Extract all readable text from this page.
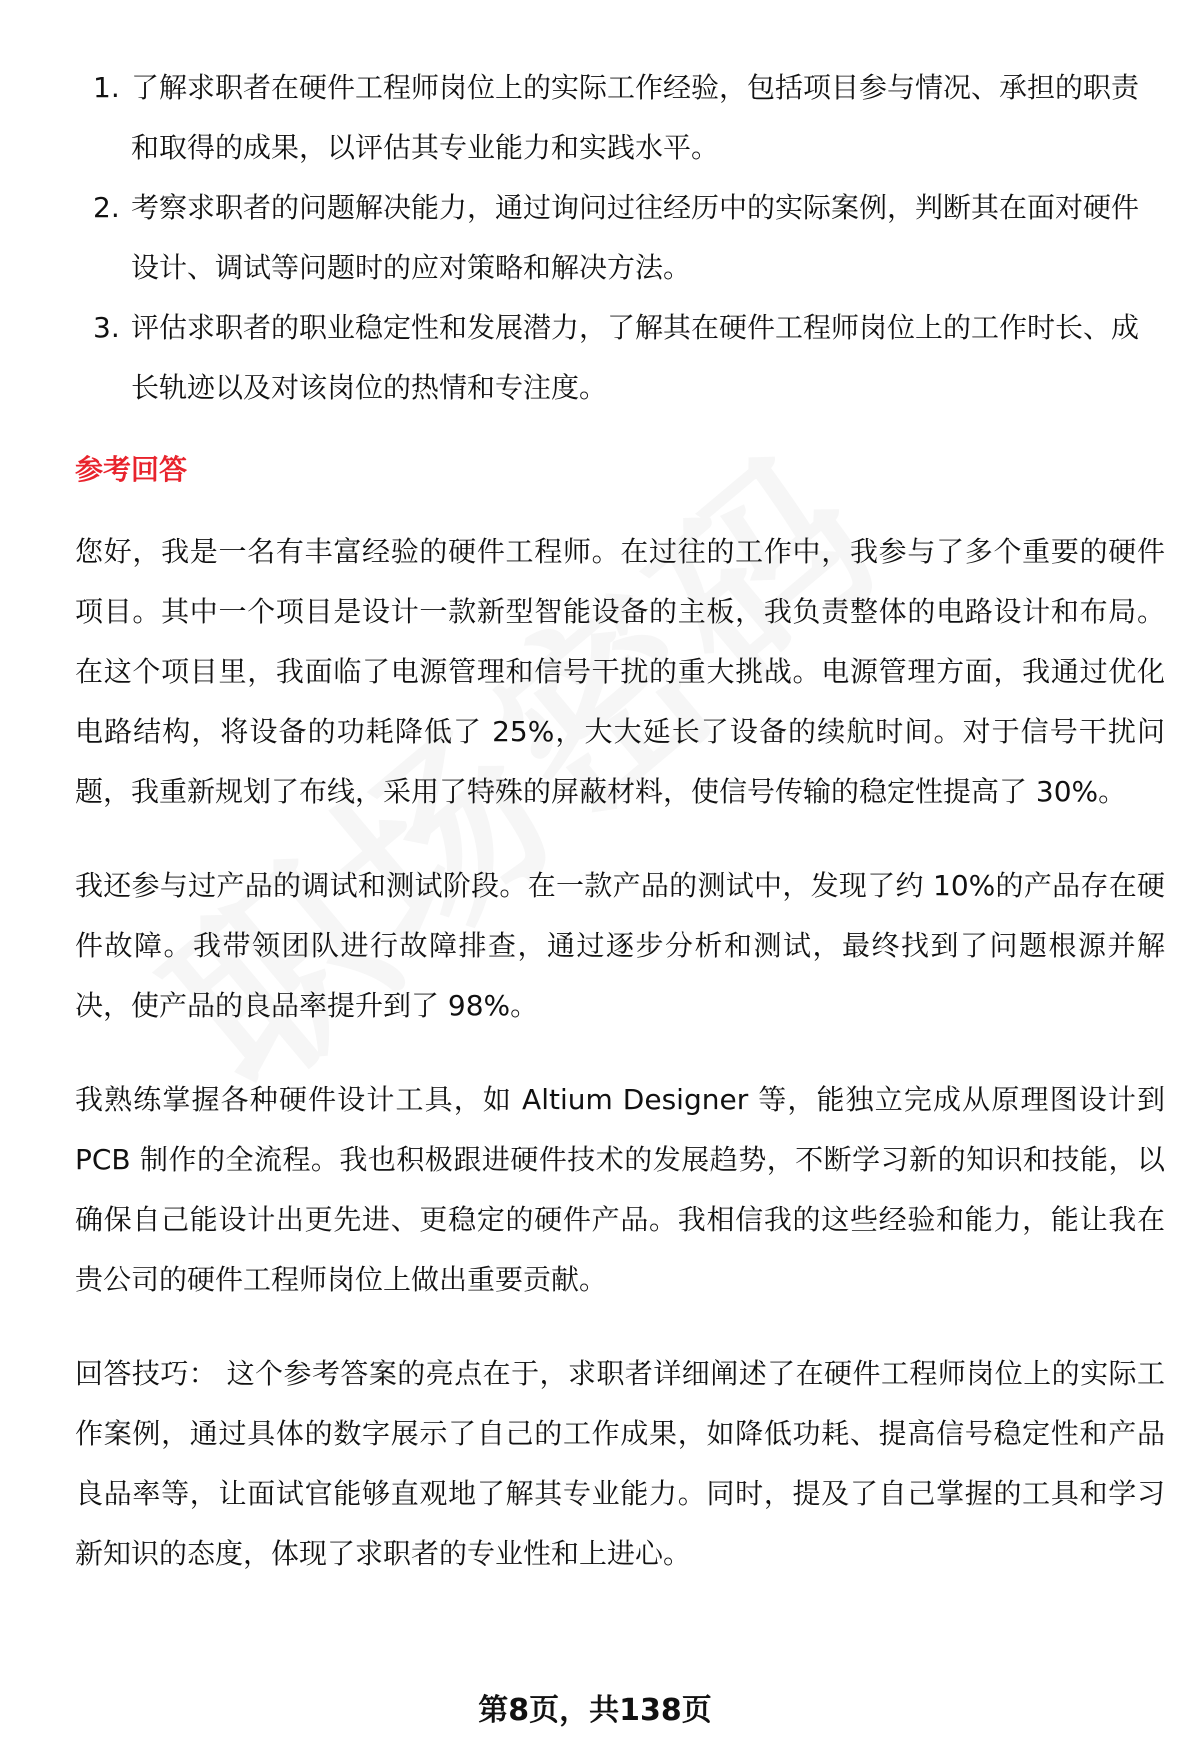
1. 了解求职者在硬件工程师岗位上的实际工作经验，包括项目参与情况、承担的职责和取得的成果，以评估其专业能力和实践水平。
2. 考察求职者的问题解决能力，通过询问过往经历中的实际案例，判断其在面对硬件设计、调试等问题时的应对策略和解决方法。
3. 评估求职者的职业稳定性和发展潜力，了解其在硬件工程师岗位上的工作时长、成长轨迹以及对该岗位的热情和专注度。
参考回答

您好，我是一名有丰富经验的硬件工程师。在过往的工作中，我参与了多个重要的硬件项目。其中一个项目是设计一款新型智能设备的主板，我负责整体的电路设计和布局。在这个项目里，我面临了电源管理和信号干扰的重大挑战。电源管理方面，我通过优化电路结构，将设备的功耗降低了 25%，大大延长了设备的续航时间。对于信号干扰问题，我重新规划了布线，采用了特殊的屏蔽材料，使信号传输的稳定性提高了 30%。

我还参与过产品的调试和测试阶段。在一款产品的测试中，发现了约 10%的产品存在硬件故障。我带领团队进行故障排查，通过逐步分析和测试，最终找到了问题根源并解决，使产品的良品率提升到了 98%。

我熟练掌握各种硬件设计工具，如 Altium Designer 等，能独立完成从原理图设计到 PCB 制作的全流程。我也积极跟进硬件技术的发展趋势，不断学习新的知识和技能，以确保自己能设计出更先进、更稳定的硬件产品。我相信我的这些经验和能力，能让我在贵公司的硬件工程师岗位上做出重要贡献。

回答技巧： 这个参考答案的亮点在于，求职者详细阐述了在硬件工程师岗位上的实际工作案例，通过具体的数字展示了自己的工作成果，如降低功耗、提高信号稳定性和产品良品率等，让面试官能够直观地了解其专业能力。同时，提及了自己掌握的工具和学习新知识的态度，体现了求职者的专业性和上进心。

第8页，共138页
